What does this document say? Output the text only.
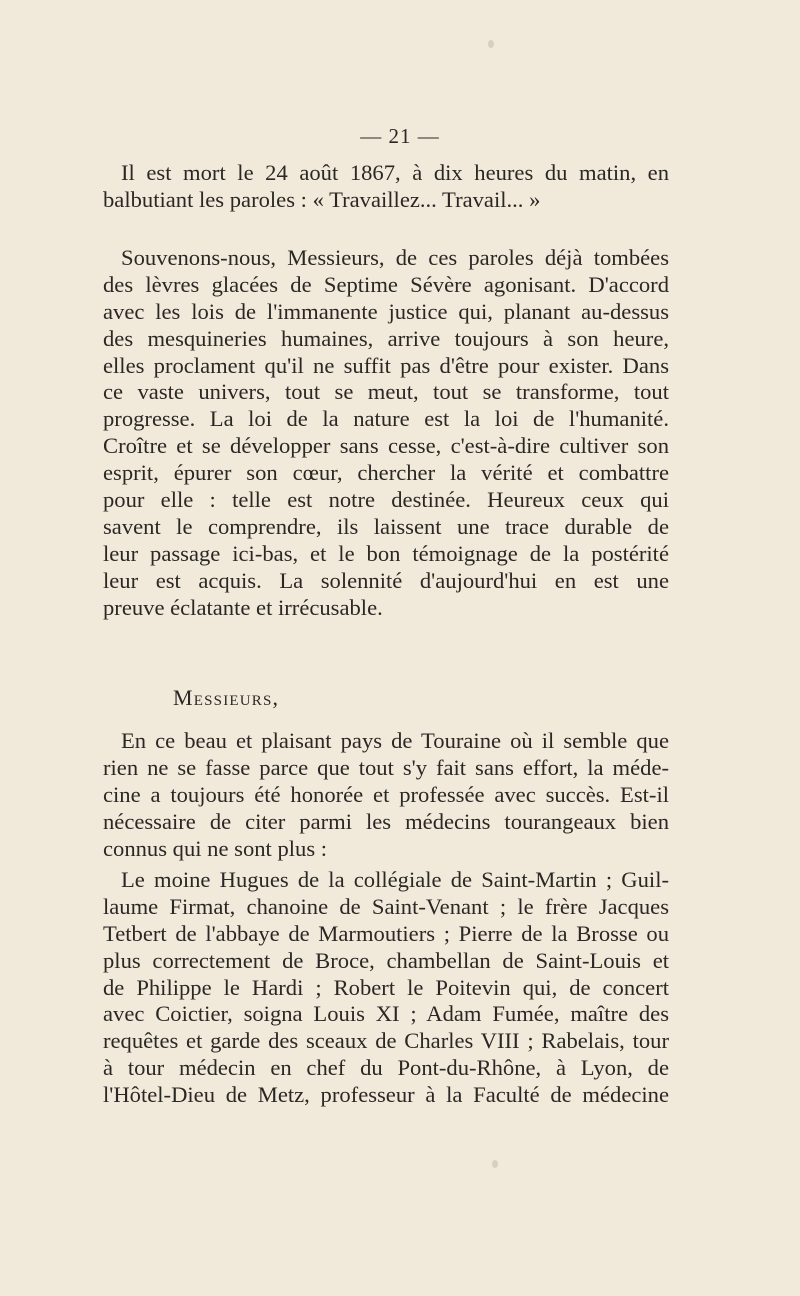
— 21 —
Il est mort le 24 août 1867, à dix heures du matin, en
balbutiant les paroles : « Travaillez... Travail... »
Souvenons-nous, Messieurs, de ces paroles déjà tombées
des lèvres glacées de Septime Sévère agonisant. D'accord
avec les lois de l'immanente justice qui, planant au-dessus
des mesquineries humaines, arrive toujours à son heure,
elles proclament qu'il ne suffit pas d'être pour exister. Dans
ce vaste univers, tout se meut, tout se transforme, tout
progresse. La loi de la nature est la loi de l'humanité.
Croître et se développer sans cesse, c'est-à-dire cultiver son
esprit, épurer son cœur, chercher la vérité et combattre
pour elle : telle est notre destinée. Heureux ceux qui
savent le comprendre, ils laissent une trace durable de
leur passage ici-bas, et le bon témoignage de la postérité
leur est acquis. La solennité d'aujourd'hui en est une
preuve éclatante et irrécusable.
Messieurs,
En ce beau et plaisant pays de Touraine où il semble que
rien ne se fasse parce que tout s'y fait sans effort, la méde-
cine a toujours été honorée et professée avec succès. Est-il
nécessaire de citer parmi les médecins tourangeaux bien
connus qui ne sont plus :
Le moine Hugues de la collégiale de Saint-Martin ; Guil-
laume Firmat, chanoine de Saint-Venant ; le frère Jacques
Tetbert de l'abbaye de Marmoutiers ; Pierre de la Brosse ou
plus correctement de Broce, chambellan de Saint-Louis et
de Philippe le Hardi ; Robert le Poitevin qui, de concert
avec Coictier, soigna Louis XI ; Adam Fumée, maître des
requêtes et garde des sceaux de Charles VIII ; Rabelais, tour
à tour médecin en chef du Pont-du-Rhône, à Lyon, de
l'Hôtel-Dieu de Metz, professeur à la Faculté de médecine
